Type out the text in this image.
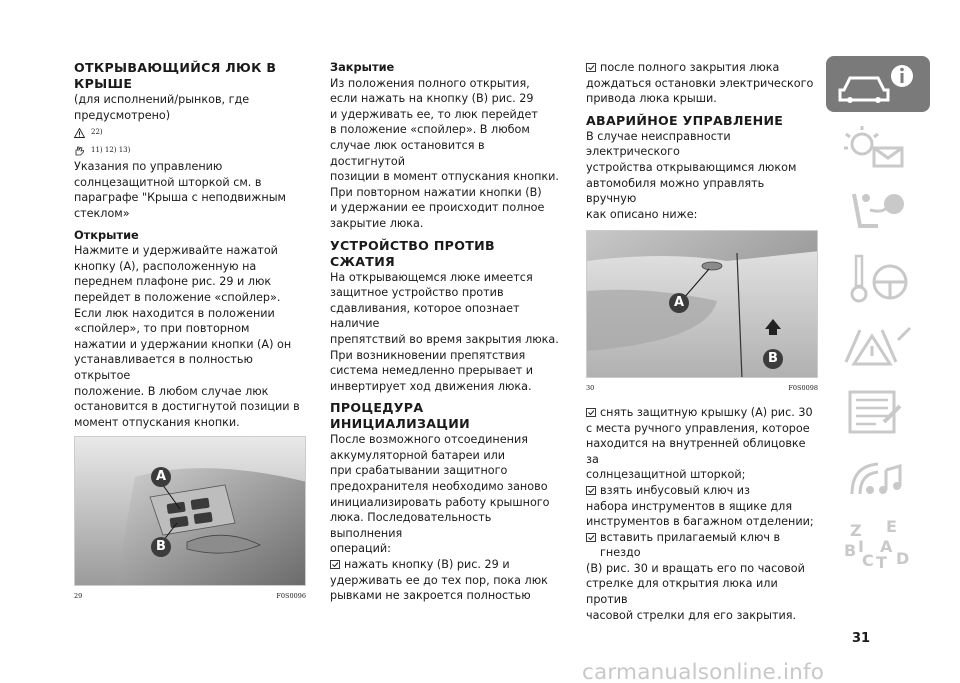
ОТКРЫВАЮЩИЙСЯ ЛЮК В
КРЫШЕ

(для исполнений/рынков, где

предусмотрено)

22)
11) 12) 13)

Указания по управлению

солнцезащитной шторкой см. в

параграфе "Крыша с неподвижным

стеклом»

Открытие

Нажмите и удерживайте нажатой

кнопку (A), расположенную на

переднем плафоне рис. 29 и люк

перейдет в положение «спойлер».

Если люк находится в положении

«спойлер», то при повторном

нажатии и удержании кнопки (A) он

устанавливается в полностью открытое

положение. В любом случае люк

остановится в достигнутой позиции в

момент отпускания кнопки.

A
B
29	F0S0096
Закрытие

Из положения полного открытия,

если нажать на кнопку (B) рис. 29

и удерживать ее, то люк перейдет

в положение «спойлер». В любом

случае люк остановится в достигнутой

позиции в момент отпускания кнопки.

При повторном нажатии кнопки (B)

и удержании ее происходит полное

закрытие люка.

УСТРОЙСТВО ПРОТИВ
СЖАТИЯ

На открывающемся люке имеется

защитное устройство против

сдавливания, которое опознает наличие

препятствий во время закрытия люка.

При возникновении препятствия

система немедленно прерывает и

инвертирует ход движения люка.

ПРОЦЕДУРА
ИНИЦИАЛИЗАЦИИ

После возможного отсоединения

аккумуляторной батареи или

при срабатывании защитного

предохранителя необходимо заново

инициализировать работу крышного

люка. Последовательность выполнения

операций:

нажать кнопку (B) рис. 29 и

удерживать ее до тех пор, пока люк

рывками не закроется полностью

после полного закрытия люка

дождаться остановки электрического

привода люка крыши.

АВАРИЙНОЕ УПРАВЛЕНИЕ

В случае неисправности электрического

устройства открывающимся люком

автомобиля можно управлять вручную

как описано ниже:

A
B
30	F0S0098
снять защитную крышку (A) рис. 30

с места ручного управления, которое

находится на внутренней облицовке за

солнцезащитной шторкой;

взять инбусовый ключ из

набора инструментов в ящике для

инструментов в багажном отделении;

вставить прилагаемый ключ в гнездо

(B) рис. 30 и вращать его по часовой

стрелке для открытия люка или против

часовой стрелки для его закрытия.

Z E
B A
C T D
I
31
carmanualsonline.info
